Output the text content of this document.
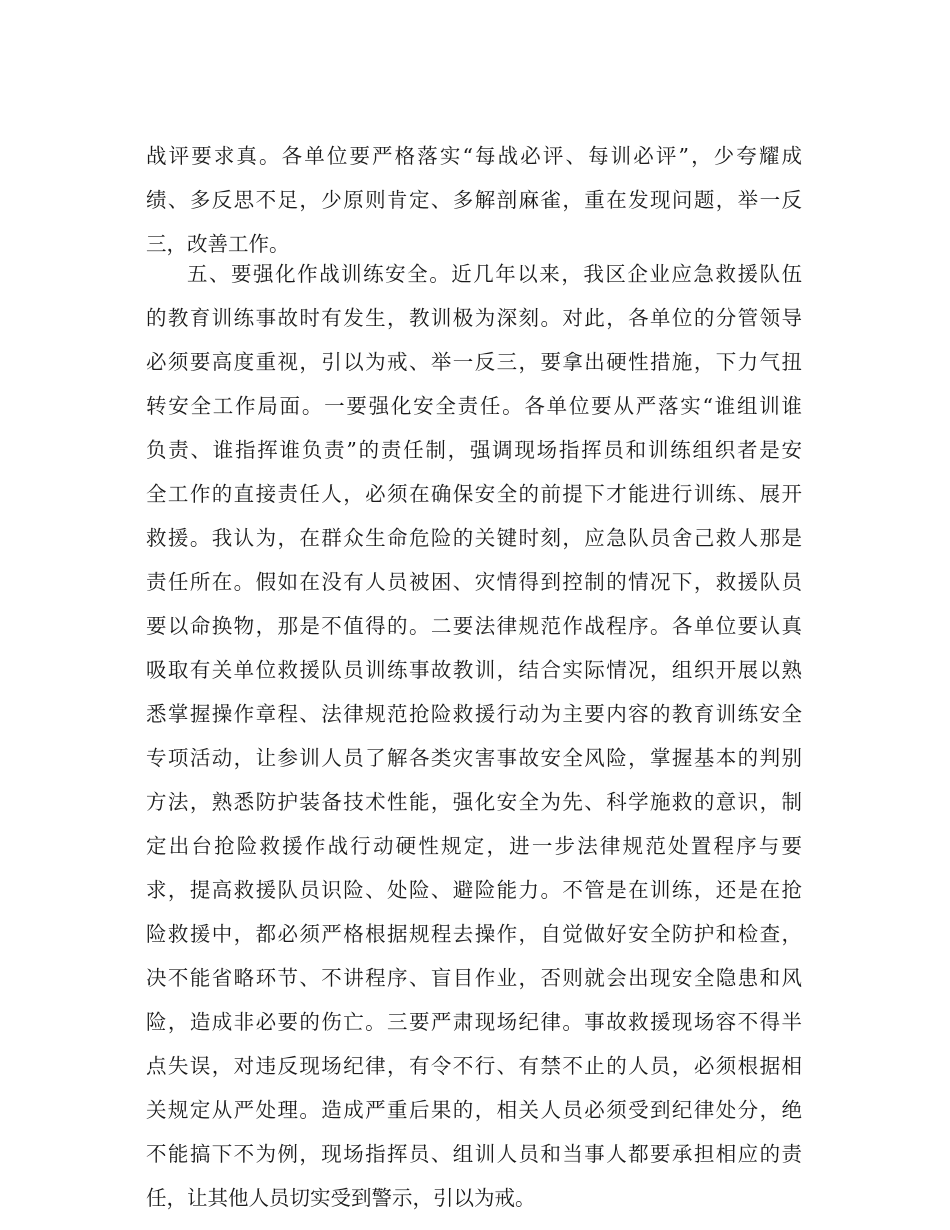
战评要求真。各单位要严格落实“每战必评、每训必评”，少夸耀成
绩、多反思不足，少原则肯定、多解剖麻雀，重在发现问题，举一反
三，改善工作。
五、要强化作战训练安全。近几年以来，我区企业应急救援队伍
的教育训练事故时有发生，教训极为深刻。对此，各单位的分管领导
必须要高度重视，引以为戒、举一反三，要拿出硬性措施，下力气扭
转安全工作局面。一要强化安全责任。各单位要从严落实“谁组训谁
负责、谁指挥谁负责”的责任制，强调现场指挥员和训练组织者是安
全工作的直接责任人，必须在确保安全的前提下才能进行训练、展开
救援。我认为，在群众生命危险的关键时刻，应急队员舍己救人那是
责任所在。假如在没有人员被困、灾情得到控制的情况下，救援队员
要以命换物，那是不值得的。二要法律规范作战程序。各单位要认真
吸取有关单位救援队员训练事故教训，结合实际情况，组织开展以熟
悉掌握操作章程、法律规范抢险救援行动为主要内容的教育训练安全
专项活动，让参训人员了解各类灾害事故安全风险，掌握基本的判别
方法，熟悉防护装备技术性能，强化安全为先、科学施救的意识，制
定出台抢险救援作战行动硬性规定，进一步法律规范处置程序与要
求，提高救援队员识险、处险、避险能力。不管是在训练，还是在抢
险救援中，都必须严格根据规程去操作，自觉做好安全防护和检查，
决不能省略环节、不讲程序、盲目作业，否则就会出现安全隐患和风
险，造成非必要的伤亡。三要严肃现场纪律。事故救援现场容不得半
点失误，对违反现场纪律，有令不行、有禁不止的人员，必须根据相
关规定从严处理。造成严重后果的，相关人员必须受到纪律处分，绝
不能搞下不为例，现场指挥员、组训人员和当事人都要承担相应的责
任，让其他人员切实受到警示，引以为戒。
